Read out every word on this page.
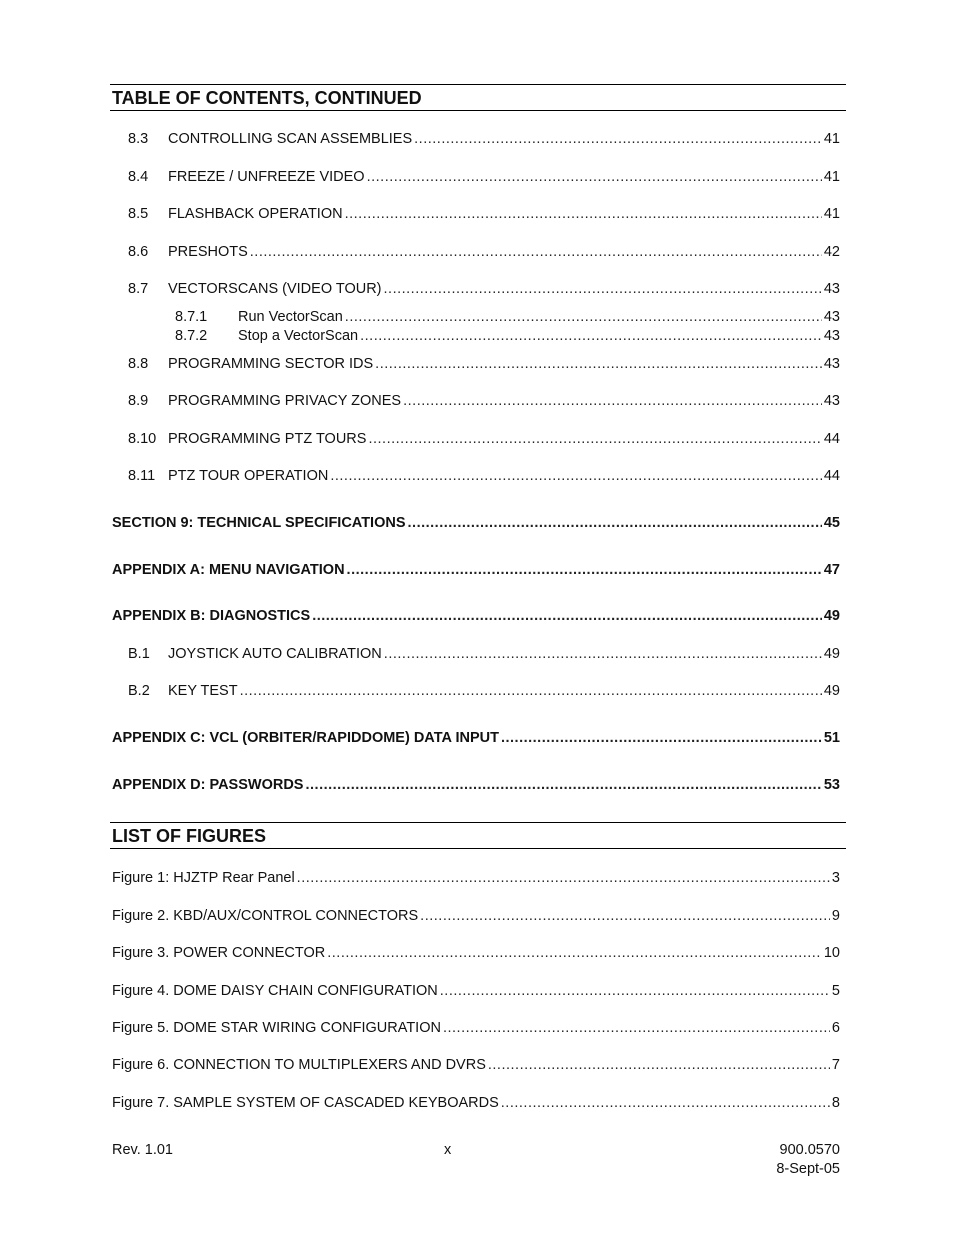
TABLE OF CONTENTS, CONTINUED
8.3	CONTROLLING SCAN ASSEMBLIES .....	41
8.4	FREEZE / UNFREEZE VIDEO .....	41
8.5	FLASHBACK OPERATION .....	41
8.6	PRESHOTS .....	42
8.7	VECTORSCANS (VIDEO TOUR) .....	43
8.7.1	Run VectorScan .....	43
8.7.2	Stop a VectorScan .....	43
8.8	PROGRAMMING SECTOR IDS .....	43
8.9	PROGRAMMING PRIVACY ZONES .....	43
8.10 PROGRAMMING PTZ TOURS .....	44
8.11 PTZ TOUR OPERATION .....	44
SECTION 9: TECHNICAL SPECIFICATIONS .....	45
APPENDIX A: MENU NAVIGATION .....	47
APPENDIX B: DIAGNOSTICS .....	49
B.1	JOYSTICK AUTO CALIBRATION .....	49
B.2	KEY TEST .....	49
APPENDIX C: VCL (ORBITER/RAPIDDOME) DATA INPUT .....	51
APPENDIX D: PASSWORDS .....	53
LIST OF FIGURES
Figure 1: HJZTP Rear Panel .....	3
Figure 2. KBD/AUX/CONTROL CONNECTORS .....	9
Figure 3. POWER CONNECTOR .....	10
Figure 4. DOME DAISY CHAIN CONFIGURATION .....	5
Figure 5. DOME STAR WIRING CONFIGURATION .....	6
Figure 6. CONNECTION TO MULTIPLEXERS AND DVRS .....	7
Figure 7. SAMPLE SYSTEM OF CASCADED KEYBOARDS .....	8
Rev. 1.01	x	900.0570
8-Sept-05
